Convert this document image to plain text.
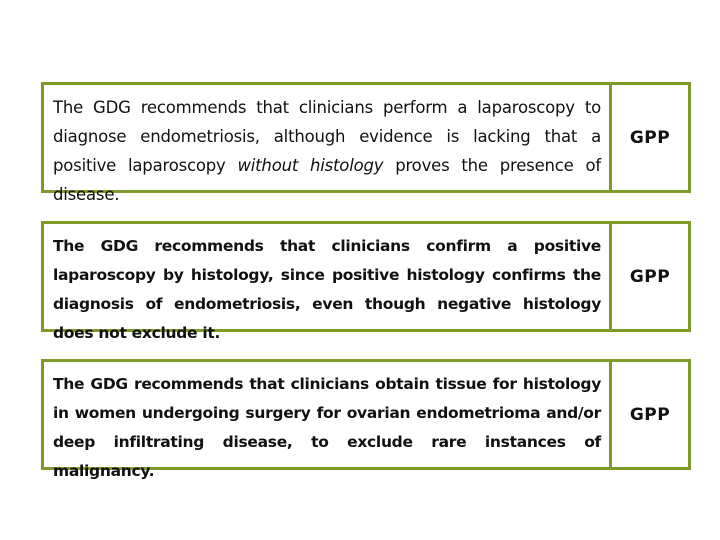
The GDG recommends that clinicians perform a laparoscopy to diagnose endometriosis, although evidence is lacking that a positive laparoscopy without histology proves the presence of disease.
GPP
The GDG recommends that clinicians confirm a positive laparoscopy by histology, since positive histology confirms the diagnosis of endometriosis, even though negative histology does not exclude it.
GPP
The GDG recommends that clinicians obtain tissue for histology in women undergoing surgery for ovarian endometrioma and/or deep infiltrating disease, to exclude rare instances of malignancy.
GPP
